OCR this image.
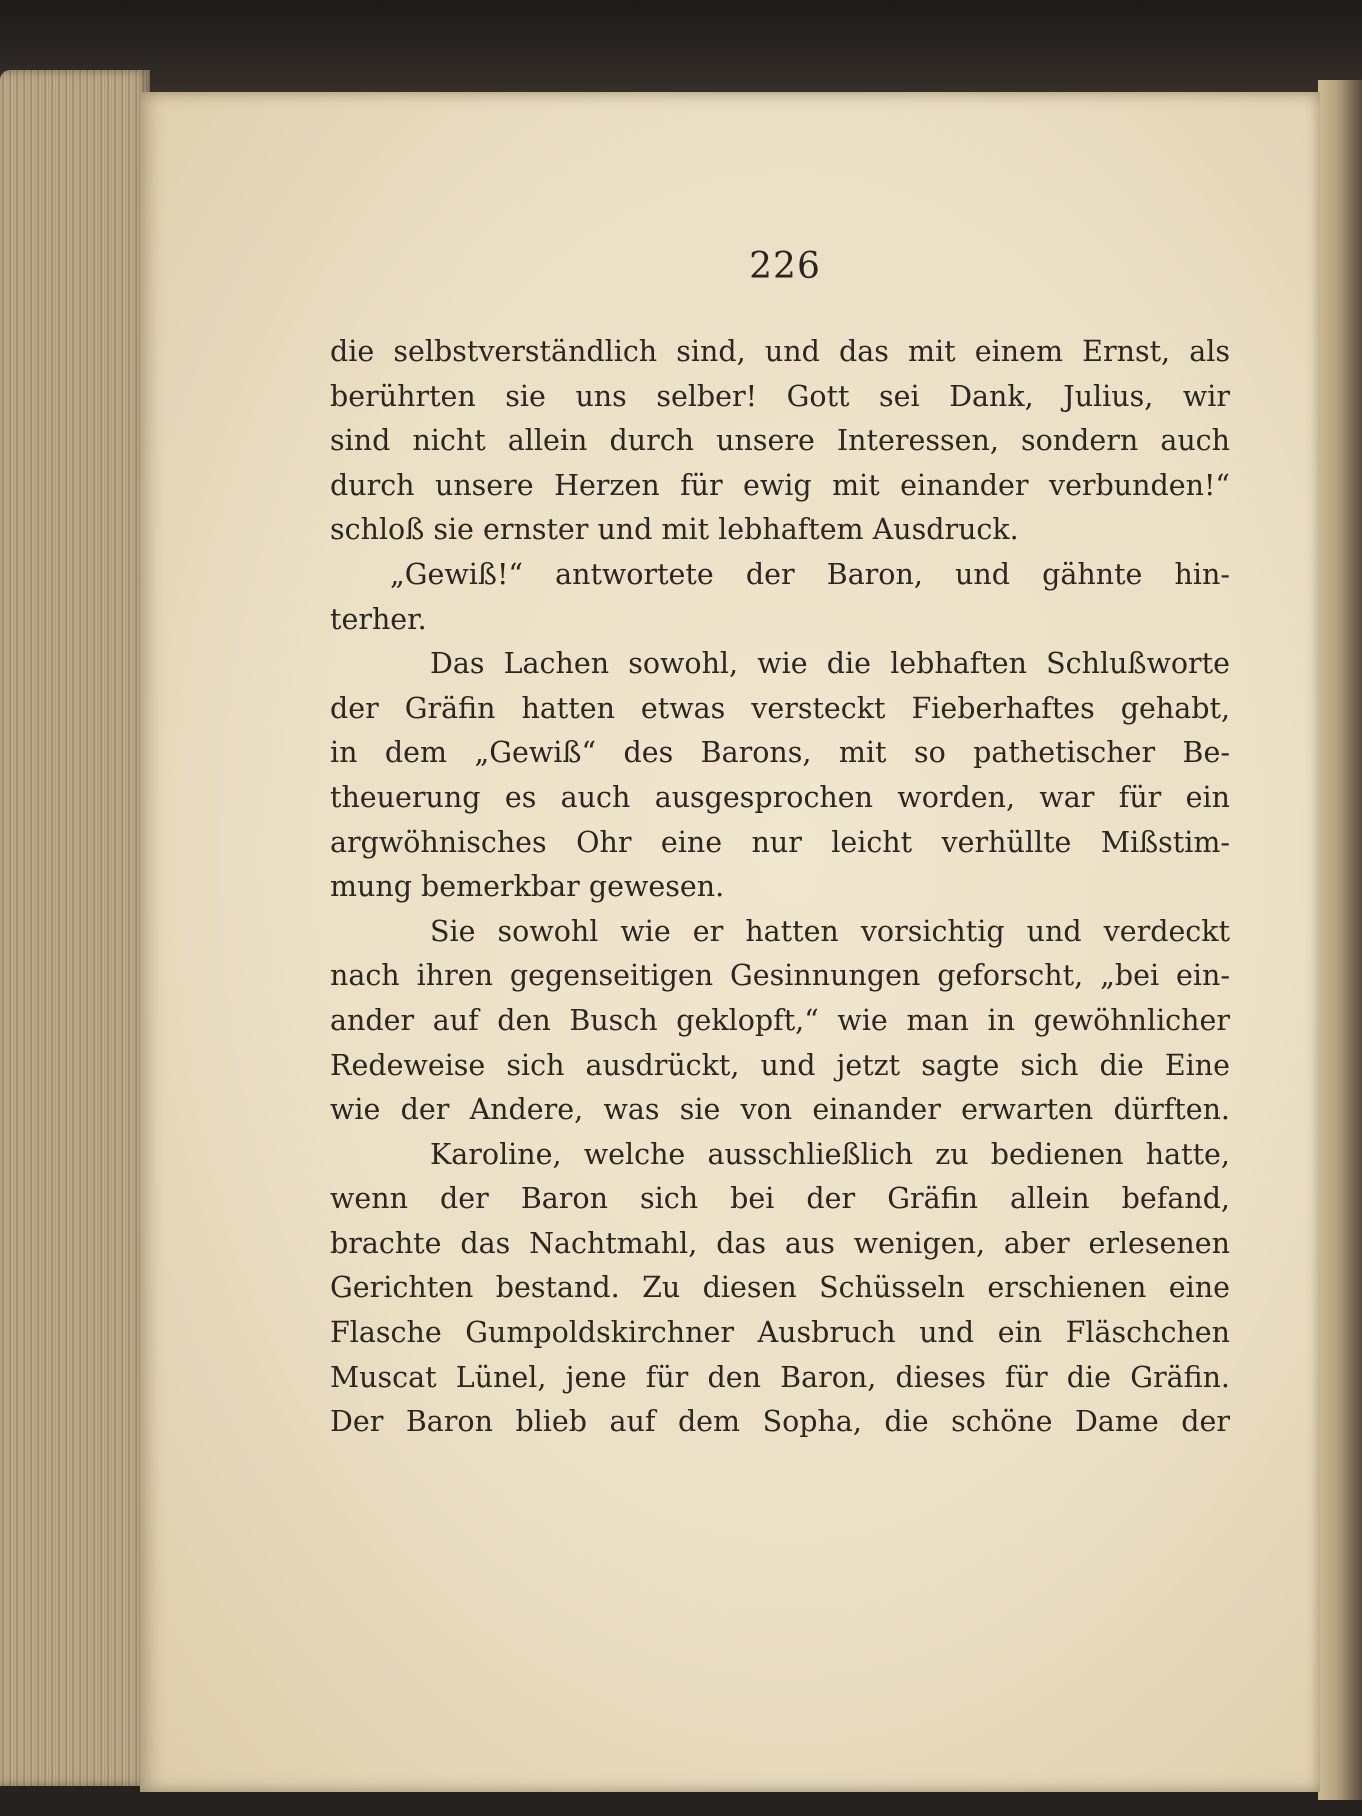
226
die selbstverständlich sind, und das mit einem Ernst, als
berührten sie uns selber! Gott sei Dank, Julius, wir
sind nicht allein durch unsere Interessen, sondern auch
durch unsere Herzen für ewig mit einander verbunden!“
schloß sie ernster und mit lebhaftem Ausdruck.
„Gewiß!“ antwortete der Baron, und gähnte hin-
terher.
Das Lachen sowohl, wie die lebhaften Schlußworte
der Gräfin hatten etwas versteckt Fieberhaftes gehabt,
in dem „Gewiß“ des Barons, mit so pathetischer Be-
theuerung es auch ausgesprochen worden, war für ein
argwöhnisches Ohr eine nur leicht verhüllte Mißstim-
mung bemerkbar gewesen.
Sie sowohl wie er hatten vorsichtig und verdeckt
nach ihren gegenseitigen Gesinnungen geforscht, „bei ein-
ander auf den Busch geklopft,“ wie man in gewöhnlicher
Redeweise sich ausdrückt, und jetzt sagte sich die Eine
wie der Andere, was sie von einander erwarten dürften.
Karoline, welche ausschließlich zu bedienen hatte,
wenn der Baron sich bei der Gräfin allein befand,
brachte das Nachtmahl, das aus wenigen, aber erlesenen
Gerichten bestand. Zu diesen Schüsseln erschienen eine
Flasche Gumpoldskirchner Ausbruch und ein Fläschchen
Muscat Lünel, jene für den Baron, dieses für die Gräfin.
Der Baron blieb auf dem Sopha, die schöne Dame der
